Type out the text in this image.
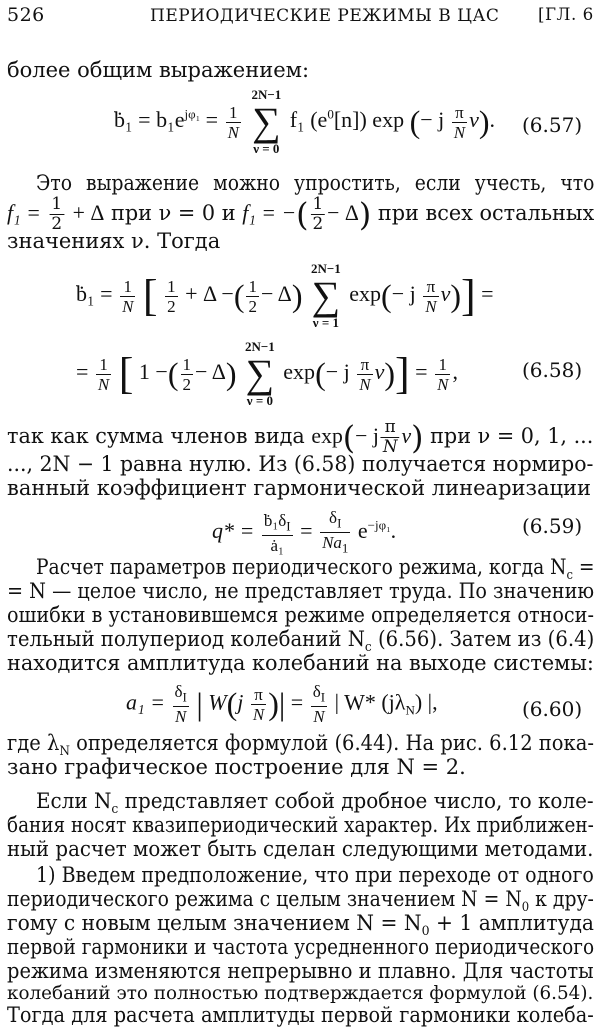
526	ПЕРИОДИЧЕСКИЕ РЕЖИМЫ В ЦАС [ГЛ. 6
более общим выражением:
ḃ₁ = $b_1e^{j\varphi_1} = \frac{1}{N}$

2N−1
∑
ν = 0
f₁ $(e^0[n])$ exp (− j $\frac{\pi}{N} \nu$). (6.57)
Это выражение можно упростить, если учесть, что
$f_1 = \frac{1}{2} + \Delta$ при ν = 0 и f₁ = −( $\frac{1}{2} - \Delta$) при всех остальных
значениях ν. Тогда
ḃ₁ = $\frac{1}{N}$ [ $\frac{1}{2} + \Delta$ −( $\frac{1}{2} - \Delta$)
2N−1
∑
ν = 1
exp(− j $\frac{\pi}{N} \nu$)] =
= $\frac{1}{N}$ [ 1 −( $\frac{1}{2} - \Delta$)
2N−1
∑
ν = 0
exp(− j $\frac{\pi}{N} \nu)] = \frac{1}{N}$ ,	(6.58)
так как сумма членов вида exp(− j $\frac{\pi}{N} \nu$) при ν = 0, 1, ...
..., 2N − 1 равна нулю. Из (6.58) получается нормиро-
ванный коэффициент гармонической линеаризации
$q* = \frac{ḃ_1\delta_I}{\text{ȧ₁}} = \frac{\delta_I}{Na_1} e^{-j\varphi_1}$.	(6.59)
Расчет параметров периодического режима, когда $N_c$ =
= N — целое число, не представляет труда. По значению
ошибки в установившемся режиме определяется относи-
тельный полупериод колебаний $N_c$ (6.56). Затем из (6.4)
находится амплитуда колебаний на выходе системы:
$a_1 = \frac{\delta_I}{N}$ | $W(j \frac{\pi}{N}$ )| = $\frac{\delta_I}{N}$ | W* $(j\lambda_N)$ |,	(6.60)
где $\lambda_N$ определяется формулой (6.44). На рис. 6.12 пока-
зано графическое построение для N = 2.
Если $N_c$ представляет собой дробное число, то коле-
бания носят квазипериодический характер. Их приближен-
ный расчет может быть сделан следующими методами.
1) Введем предположение, что при переходе от одного
периодического режима с целым значением $N = N_0$ к дру-
гому с новым целым значением $N = N_0 + 1$ амплитуда
первой гармоники и частота усредненного периодического
режима изменяются непрерывно и плавно. Для частоты
колебаний это полностью подтверждается формулой (6.54).
Тогда для расчета амплитуды первой гармоники колеба-
